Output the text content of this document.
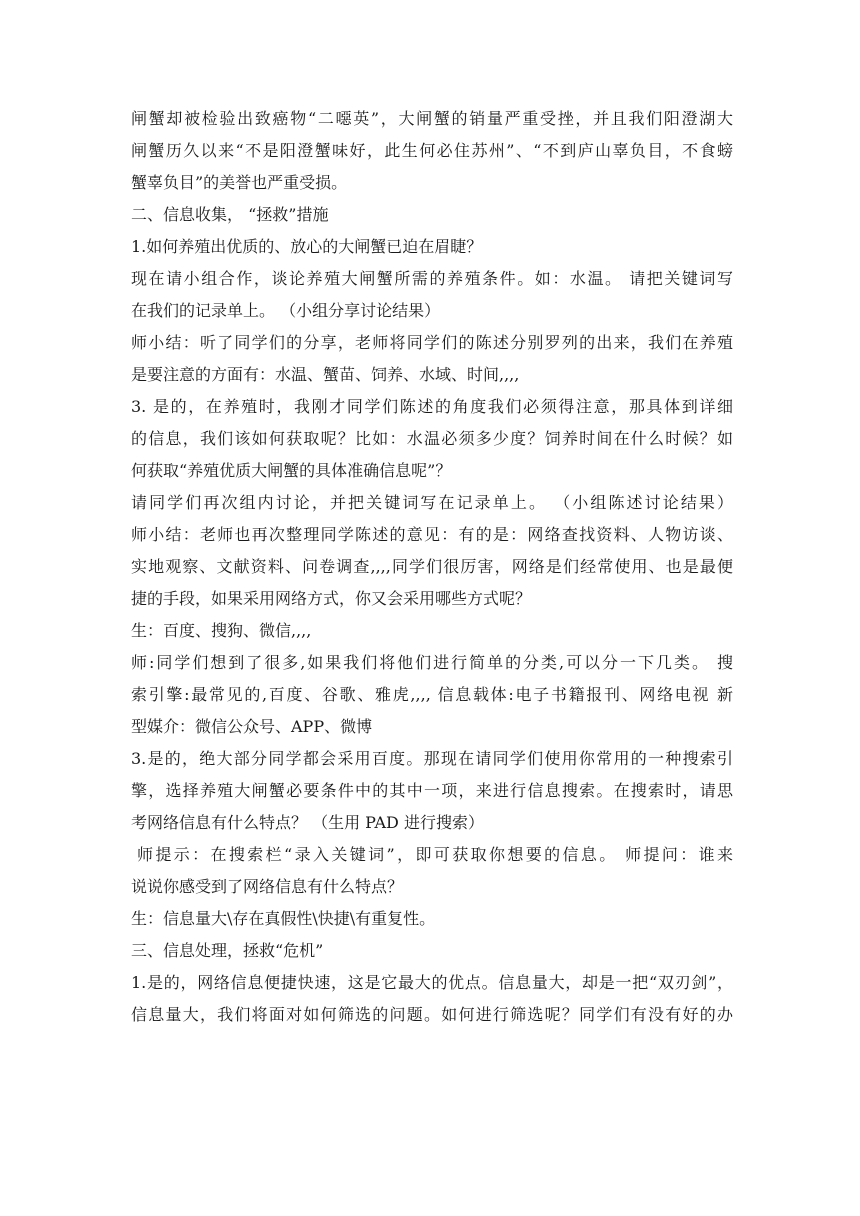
闸蟹却被检验出致癌物“二噁英”，大闸蟹的销量严重受挫，并且我们阳澄湖大
闸蟹历久以来“不是阳澄蟹味好，此生何必住苏州”、“不到庐山辜负目，不食螃
蟹辜负目”的美誉也严重受损。
二、信息收集， “拯救”措施
1.如何养殖出优质的、放心的大闸蟹已迫在眉睫？
现在请小组合作，谈论养殖大闸蟹所需的养殖条件。如：水温。 请把关键词写
在我们的记录单上。 （小组分享讨论结果）
师小结：听了同学们的分享，老师将同学们的陈述分别罗列的出来，我们在养殖
是要注意的方面有：水温、蟹苗、饲养、水域、时间,,,,
3. 是的，在养殖时，我刚才同学们陈述的角度我们必须得注意，那具体到详细
的信息，我们该如何获取呢？比如：水温必须多少度？饲养时间在什么时候？如
何获取“养殖优质大闸蟹的具体准确信息呢”？
请同学们再次组内讨论，并把关键词写在记录单上。 （小组陈述讨论结果）
师小结：老师也再次整理同学陈述的意见：有的是：网络查找资料、人物访谈、
实地观察、文献资料、问卷调查,,,,同学们很厉害，网络是们经常使用、也是最便
捷的手段，如果采用网络方式，你又会采用哪些方式呢？
生：百度、搜狗、微信,,,,
师:同学们想到了很多,如果我们将他们进行简单的分类,可以分一下几类。 搜
索引擎:最常见的,百度、谷歌、雅虎,,,, 信息载体:电子书籍报刊、网络电视 新
型媒介：微信公众号、APP、微博
3.是的，绝大部分同学都会采用百度。那现在请同学们使用你常用的一种搜索引
擎，选择养殖大闸蟹必要条件中的其中一项，来进行信息搜索。在搜索时，请思
考网络信息有什么特点？ （生用 PAD 进行搜索）
师提示：在搜索栏“录入关键词”，即可获取你想要的信息。 师提问：谁来
说说你感受到了网络信息有什么特点？
生：信息量大\存在真假性\快捷\有重复性。
三、信息处理，拯救“危机”
1.是的，网络信息便捷快速，这是它最大的优点。信息量大，却是一把“双刃剑”，
信息量大，我们将面对如何筛选的问题。如何进行筛选呢？同学们有没有好的办
